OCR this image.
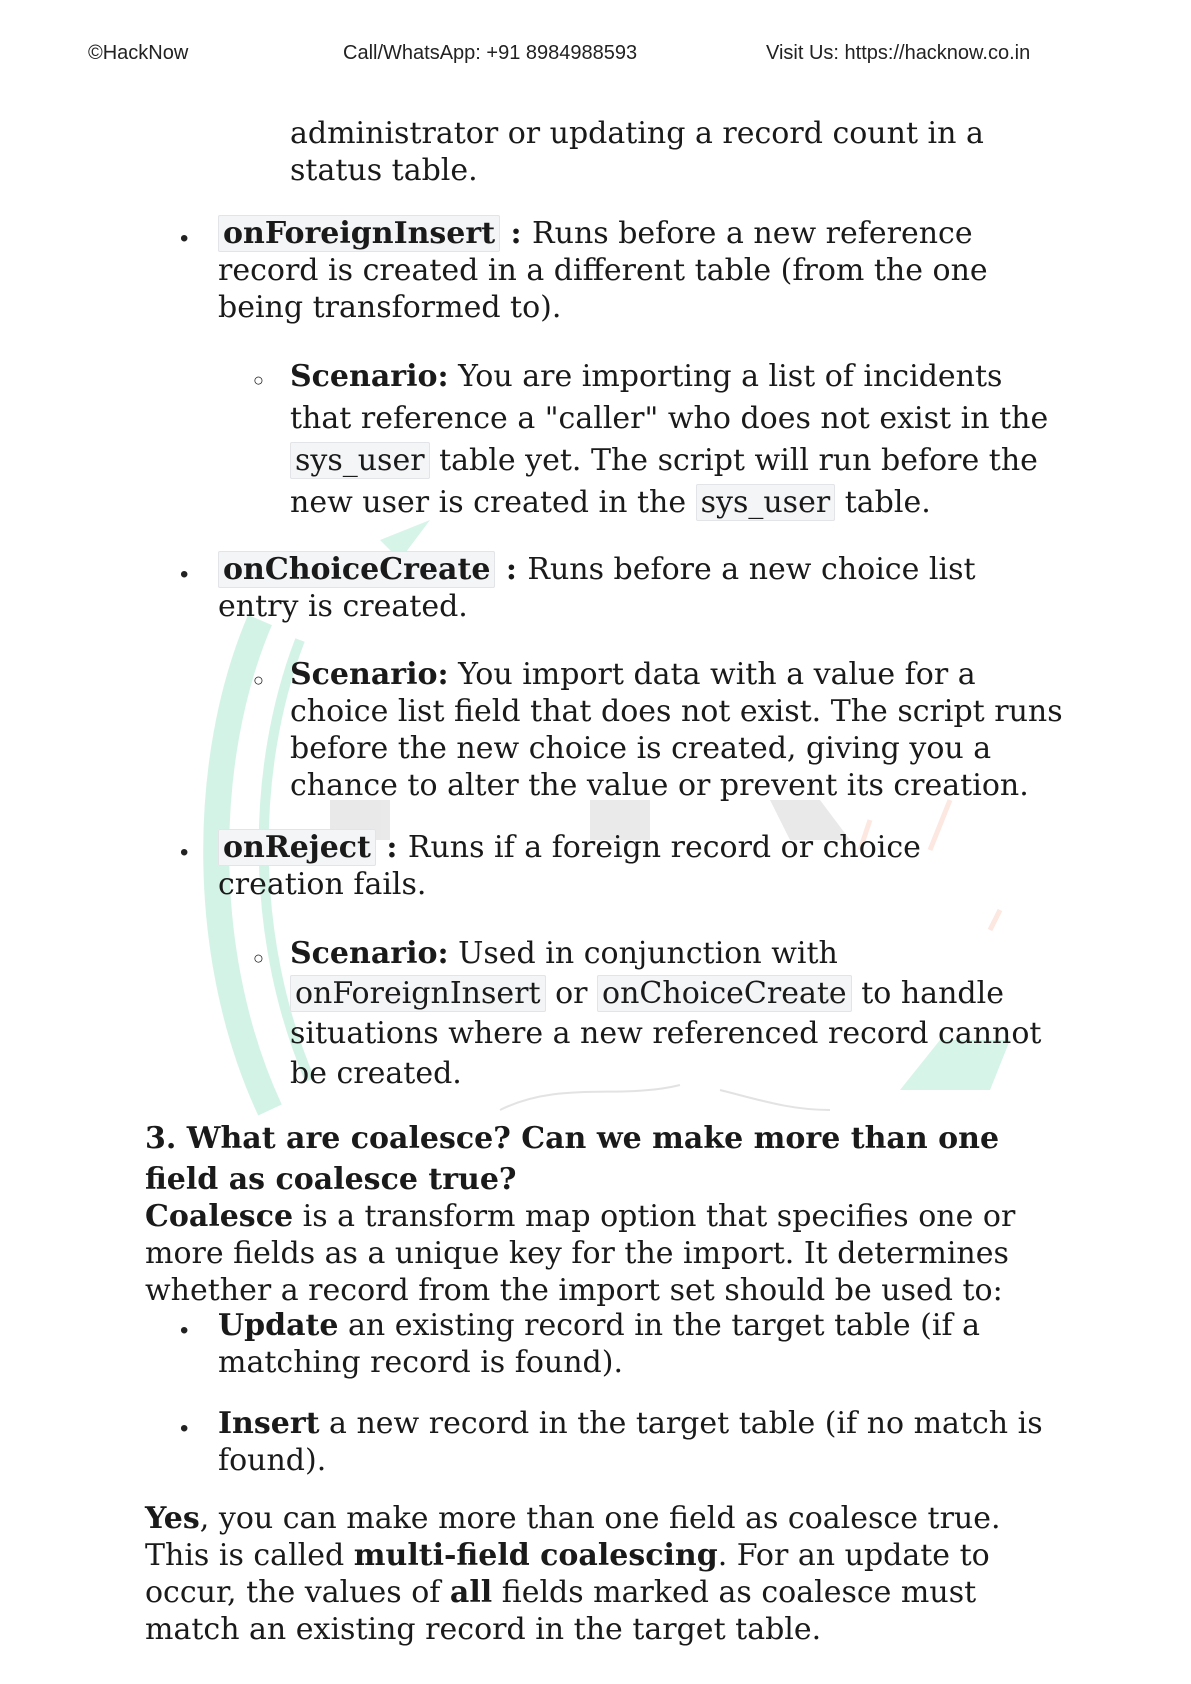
©HackNow	Call/WhatsApp: +91 8984988593	Visit Us: https://hacknow.co.in
administrator or updating a record count in a status table.
• onForeignInsert : Runs before a new reference record is created in a different table (from the one being transformed to).
○ Scenario: You are importing a list of incidents that reference a "caller" who does not exist in the sys_user table yet. The script will run before the new user is created in the sys_user table.
• onChoiceCreate : Runs before a new choice list entry is created.
○ Scenario: You import data with a value for a choice list field that does not exist. The script runs before the new choice is created, giving you a chance to alter the value or prevent its creation.
• onReject : Runs if a foreign record or choice creation fails.
○ Scenario: Used in conjunction with onForeignInsert or onChoiceCreate to handle situations where a new referenced record cannot be created.
3. What are coalesce? Can we make more than one field as coalesce true?
Coalesce is a transform map option that specifies one or more fields as a unique key for the import. It determines whether a record from the import set should be used to:
• Update an existing record in the target table (if a matching record is found).
• Insert a new record in the target table (if no match is found).
Yes, you can make more than one field as coalesce true. This is called multi-field coalescing. For an update to occur, the values of all fields marked as coalesce must match an existing record in the target table.
